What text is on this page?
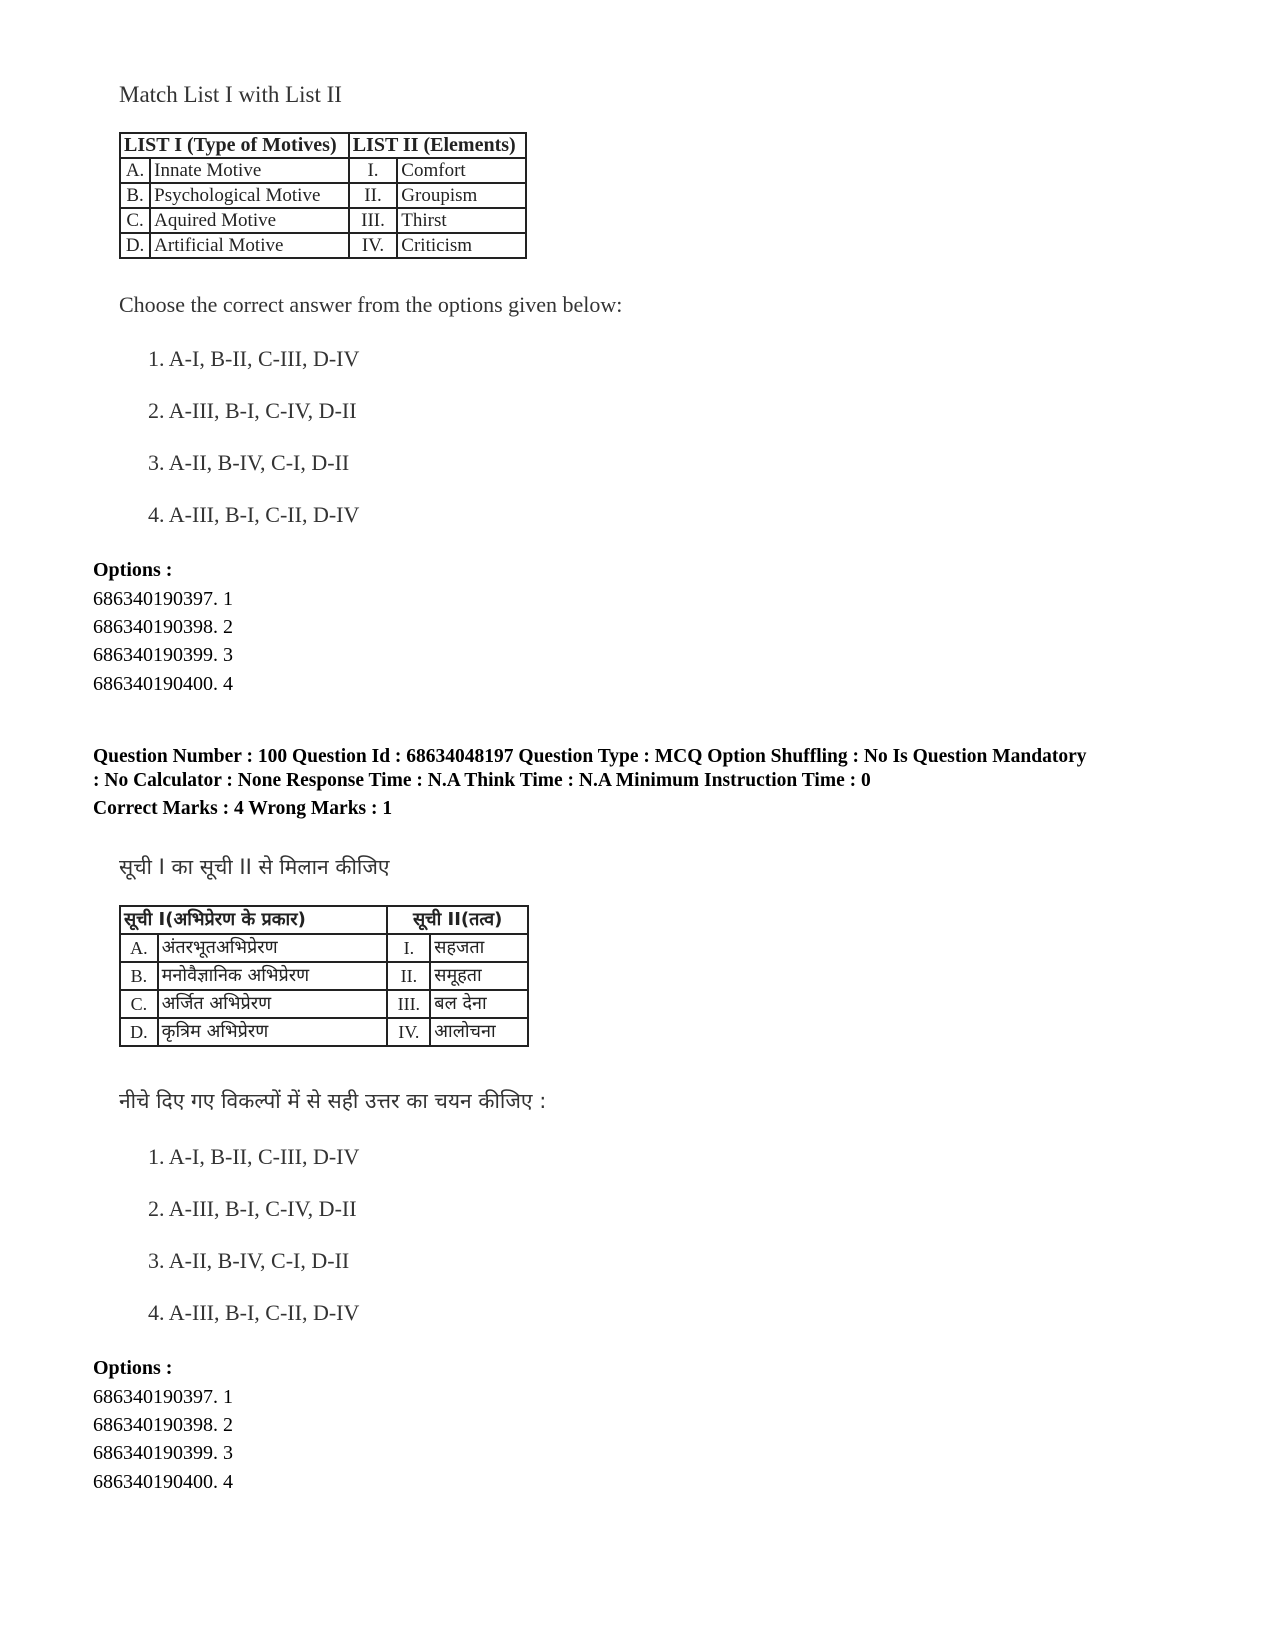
Match List I with List II
LIST I (Type of Motives)		LIST II (Elements)	
A.	Innate Motive	I.	Comfort
B.	Psychological Motive	II.	Groupism
C.	Aquired Motive	III.	Thirst
D.	Artificial Motive	IV.	Criticism
Choose the correct answer from the options given below:
1. A-I, B-II, C-III, D-IV
2. A-III, B-I, C-IV, D-II
3. A-II, B-IV, C-I, D-II
4. A-III, B-I, C-II, D-IV
Options :
686340190397. 1
686340190398. 2
686340190399. 3
686340190400. 4
Question Number : 100 Question Id : 68634048197 Question Type : MCQ Option Shuffling : No Is Question Mandatory
: No Calculator : None Response Time : N.A Think Time : N.A Minimum Instruction Time : 0
Correct Marks : 4 Wrong Marks : 1
सूची I का सूची II से मिलान कीजिए
सूची I(अभिप्रेरण के प्रकार)		सूची II(तत्व)	
A.	अंतरभूतअभिप्रेरण	I.	सहजता
B.	मनोवैज्ञानिक अभिप्रेरण	II.	समूहता
C.	अर्जित अभिप्रेरण	III.	बल देना
D.	कृत्रिम अभिप्रेरण	IV.	आलोचना
नीचे दिए गए विकल्पों में से सही उत्तर का चयन कीजिए :
1. A-I, B-II, C-III, D-IV
2. A-III, B-I, C-IV, D-II
3. A-II, B-IV, C-I, D-II
4. A-III, B-I, C-II, D-IV
Options :
686340190397. 1
686340190398. 2
686340190399. 3
686340190400. 4
